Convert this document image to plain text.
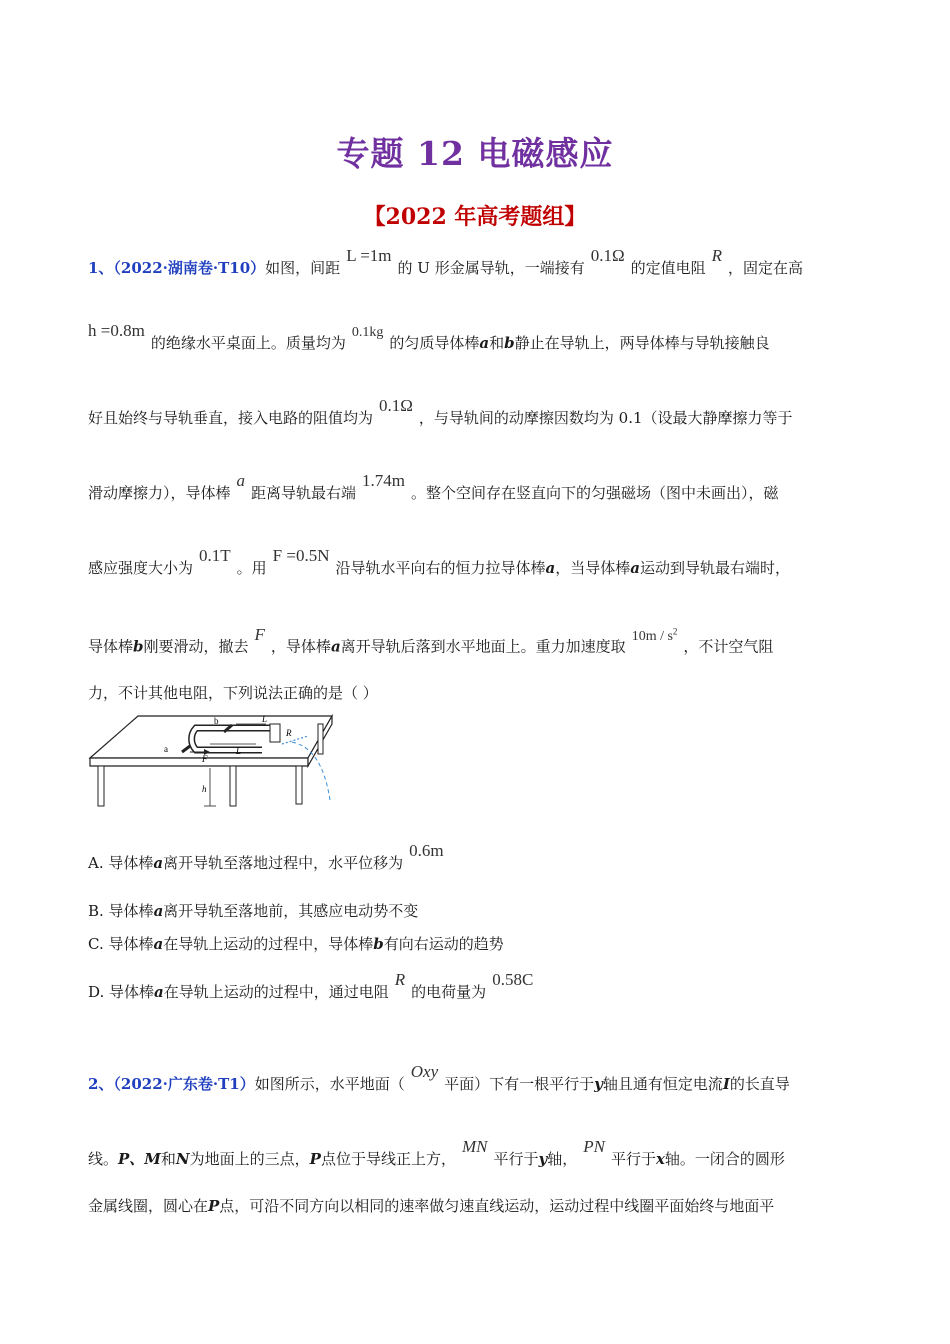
专题 12 电磁感应
【2022 年高考题组】
1、（2022·湖南卷·T10）如图，间距L =1m的 U 形金属导轨，一端接有0.1Ω的定值电阻R，固定在高
h =0.8m的绝缘水平桌面上。质量均为0.1kg的匀质导体棒a和b静止在导轨上，两导体棒与导轨接触良
好且始终与导轨垂直，接入电路的阻值均为0.1Ω，与导轨间的动摩擦因数均为 0.1（设最大静摩擦力等于
滑动摩擦力），导体棒a距离导轨最右端1.74m。整个空间存在竖直向下的匀强磁场（图中未画出），磁
感应强度大小为0.1T。用F =0.5N沿导轨水平向右的恒力拉导体棒a，当导体棒a运动到导轨最右端时，
导体棒b刚要滑动，撤去F，导体棒a离开导轨后落到水平地面上。重力加速度取$10m / s^2$，不计空气阻
力，不计其他电阻，下列说法正确的是（ ）
a
b
F
L
L
R
h
A. 导体棒a离开导轨至落地过程中，水平位移为0.6m
B. 导体棒a离开导轨至落地前，其感应电动势不变
C. 导体棒a在导轨上运动的过程中，导体棒b有向右运动的趋势
D. 导体棒a在导轨上运动的过程中，通过电阻R的电荷量为0.58C
2、（2022·广东卷·T1）如图所示，水平地面（Oxy平面）下有一根平行于y轴且通有恒定电流I的长直导
线。P、M和N为地面上的三点，P点位于导线正上方，MN平行于y轴，PN平行于x轴。一闭合的圆形
金属线圈，圆心在P点，可沿不同方向以相同的速率做匀速直线运动，运动过程中线圈平面始终与地面平
